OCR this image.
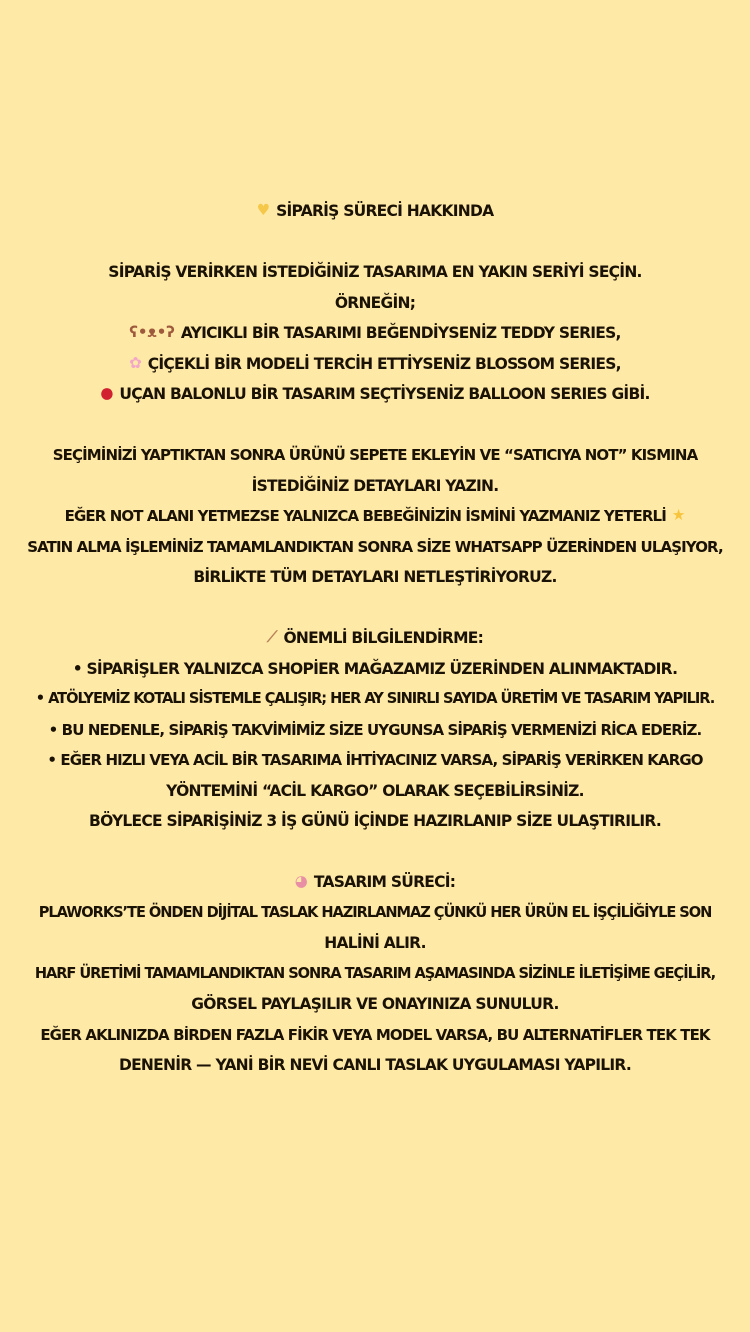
♥ SİPARİŞ SÜRECİ HAKKINDA
SİPARİŞ VERİRKEN İSTEDİĞİNİZ TASARIMA EN YAKIN SERİYİ SEÇİN.
ÖRNEĞİN;
ʕ•ᴥ•ʔ AYICIKLI BİR TASARIMI BEĞENDİYSENİZ TEDDY SERIES,
✿ ÇİÇEKLİ BİR MODELİ TERCİH ETTİYSENİZ BLOSSOM SERIES,
● UÇAN BALONLU BİR TASARIM SEÇTİYSENİZ BALLOON SERIES GİBİ.
SEÇİMİNİZİ YAPTIKTAN SONRA ÜRÜNÜ SEPETE EKLEYİN VE “SATICIYA NOT” KISMINA
İSTEDİĞİNİZ DETAYLARI YAZIN.
EĞER NOT ALANI YETMEZSE YALNIZCA BEBEĞİNİZİN İSMİNİ YAZMANIZ YETERLİ ★
SATIN ALMA İŞLEMİNİZ TAMAMLANDIKTAN SONRA SİZE WHATSAPP ÜZERİNDEN ULAŞIYOR,
BİRLİKTE TÜM DETAYLARI NETLEŞTİRİYORUZ.
⟋ ÖNEMLİ BİLGİLENDİRME:
• SİPARİŞLER YALNIZCA SHOPİER MAĞAZAMIZ ÜZERİNDEN ALINMAKTADIR.
• ATÖLYEMİZ KOTALI SİSTEMLE ÇALIŞIR; HER AY SINIRLI SAYIDA ÜRETİM VE TASARIM YAPILIR.
• BU NEDENLE, SİPARİŞ TAKVİMİMİZ SİZE UYGUNSA SİPARİŞ VERMENİZİ RİCA EDERİZ.
• EĞER HIZLI VEYA ACİL BİR TASARIMA İHTİYACINIZ VARSA, SİPARİŞ VERİRKEN KARGO
YÖNTEMİNİ “ACİL KARGO” OLARAK SEÇEBİLİRSİNİZ.
BÖYLECE SİPARİŞİNİZ 3 İŞ GÜNÜ İÇİNDE HAZIRLANIP SİZE ULAŞTIRILIR.
◕ TASARIM SÜRECİ:
PLAWORKS’TE ÖNDEN DİJİTAL TASLAK HAZIRLANMAZ ÇÜNKÜ HER ÜRÜN EL İŞÇİLİĞİYLE SON
HALİNİ ALIR.
HARF ÜRETİMİ TAMAMLANDIKTAN SONRA TASARIM AŞAMASINDA SİZİNLE İLETİŞİME GEÇİLİR,
GÖRSEL PAYLAŞILIR VE ONAYINIZA SUNULUR.
EĞER AKLINIZDA BİRDEN FAZLA FİKİR VEYA MODEL VARSA, BU ALTERNATİFLER TEK TEK
DENENİR — YANİ BİR NEVİ CANLI TASLAK UYGULAMASI YAPILIR.
